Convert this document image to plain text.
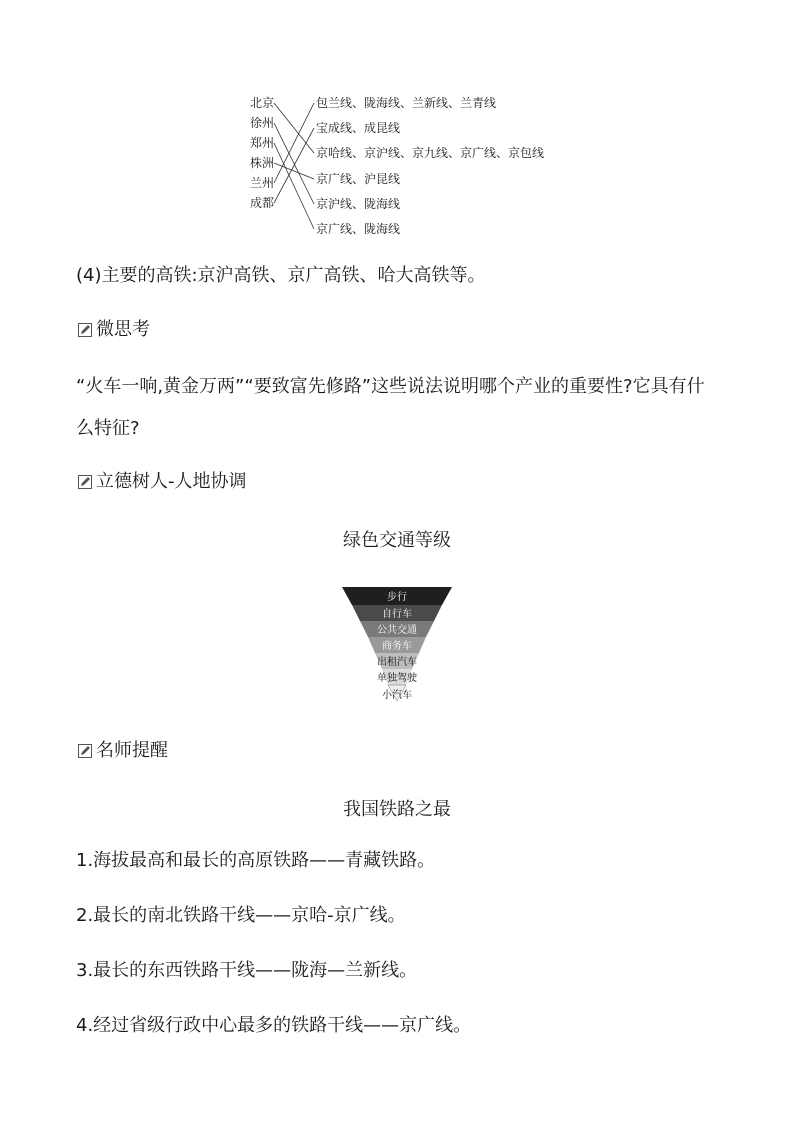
北京
徐州
郑州
株洲
兰州
成都
包兰线、陇海线、兰新线、兰青线
宝成线、成昆线
京哈线、京沪线、京九线、京广线、京包线
京广线、沪昆线
京沪线、陇海线
京广线、陇海线
(4)主要的高铁:京沪高铁、京广高铁、哈大高铁等。
微思考
“火车一响,黄金万两”“要致富先修路”这些说法说明哪个产业的重要性?它具有什
么特征?
立德树人-人地协调
绿色交通等级
步行
自行车
公共交通
商务车
出租汽车
单独驾驶
小汽车
名师提醒
我国铁路之最
1.海拔最高和最长的高原铁路——青藏铁路。
2.最长的南北铁路干线——京哈-京广线。
3.最长的东西铁路干线——陇海—兰新线。
4.经过省级行政中心最多的铁路干线——京广线。
